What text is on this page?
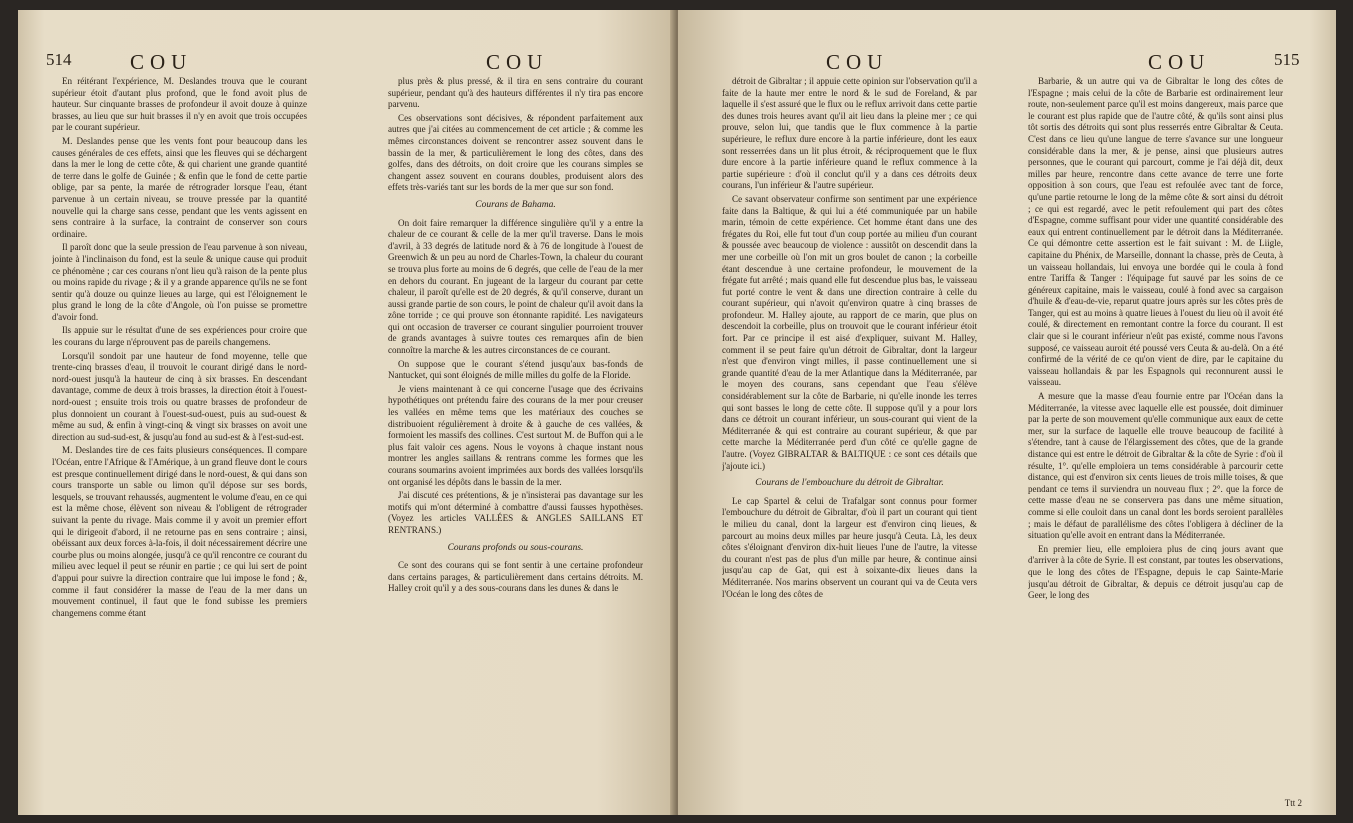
514	COU	COU

En réitérant l'expérience, M. Deslandes trouva que le courant supérieur étoit d'autant plus profond, que le fond avoit plus de hauteur. Sur cinquante brasses de profondeur il avoit douze à quinze brasses, au lieu que sur huit brasses il n'y en avoit que trois occupées par le courant supérieur.

M. Deslandes pense que les vents font pour beaucoup dans les causes générales de ces effets, ainsi que les fleuves qui se déchargent dans la mer le long de cette côte, & qui charient une grande quantité de terre dans le golfe de Guinée ; & enfin que le fond de cette partie oblige, par sa pente, la marée de rétrograder lorsque l'eau, étant parvenue à un certain niveau, se trouve pressée par la quantité nouvelle qui la charge sans cesse, pendant que les vents agissent en sens contraire à la surface, la contraint de conserver son cours ordinaire.

Il paroît donc que la seule pression de l'eau parvenue à son niveau, jointe à l'inclinaison du fond, est la seule & unique cause qui produit ce phénomène ; car ces courans n'ont lieu qu'à raison de la pente plus ou moins rapide du rivage ; & il y a grande apparence qu'ils ne se font sentir qu'à douze ou quinze lieues au large, qui est l'éloignement le plus grand le long de la côte d'Angole, où l'on puisse se promettre d'avoir fond.

Ils appuie sur le résultat d'une de ses expériences pour croire que les courans du large n'éprouvent pas de pareils changemens.

Lorsqu'il sondoit par une hauteur de fond moyenne, telle que trente-cinq brasses d'eau, il trouvoit le courant dirigé dans le nord-nord-ouest jusqu'à la hauteur de cinq à six brasses. En descendant davantage, comme de deux à trois brasses, la direction étoit à l'ouest-nord-ouest ; ensuite trois trois ou quatre brasses de profondeur de plus donnoient un courant à l'ouest-sud-ouest, puis au sud-ouest & même au sud, & enfin à vingt-cinq & vingt six brasses on avoit une direction au sud-sud-est, & jusqu'au fond au sud-est & à l'est-sud-est.

M. Deslandes tire de ces faits plusieurs conséquences. Il compare l'Océan, entre l'Afrique & l'Amérique, à un grand fleuve dont le cours est presque continuellement dirigé dans le nord-ouest, & qui dans son cours transporte un sable ou limon qu'il dépose sur ses bords, lesquels, se trouvant rehaussés, augmentent le volume d'eau, en ce qui est la même chose, élèvent son niveau & l'obligent de rétrograder suivant la pente du rivage. Mais comme il y avoit un premier effort qui le dirigeoit d'abord, il ne retourne pas en sens contraire ; ainsi, obéissant aux deux forces à-la-fois, il doit nécessairement décrire une courbe plus ou moins alongée, jusqu'à ce qu'il rencontre ce courant du milieu avec lequel il peut se réunir en partie ; ce qui lui sert de point d'appui pour suivre la direction contraire que lui impose le fond ; &, comme il faut considérer la masse de l'eau de la mer dans un mouvement continuel, il faut que le fond subisse les premiers changemens comme étant

plus près & plus pressé, & il tira en sens contraire du courant supérieur, pendant qu'à des hauteurs différentes il n'y tira pas encore parvenu.

Ces observations sont décisives, & répondent parfaitement aux autres que j'ai citées au commencement de cet article ; & comme les mêmes circonstances doivent se rencontrer assez souvent dans le bassin de la mer, & particulièrement le long des côtes, dans des golfes, dans des détroits, on doit croire que les courans simples se changent assez souvent en courans doubles, produisent alors des effets très-variés tant sur les bords de la mer que sur son fond.

Courans de Bahama.

On doit faire remarquer la différence singulière qu'il y a entre la chaleur de ce courant & celle de la mer qu'il traverse. Dans le mois d'avril, à 33 degrés de latitude nord & à 76 de longitude à l'ouest de Greenwich & un peu au nord de Charles-Town, la chaleur du courant se trouva plus forte au moins de 6 degrés, que celle de l'eau de la mer en dehors du courant. En jugeant de la largeur du courant par cette chaleur, il paroît qu'elle est de 20 degrés, & qu'il conserve, durant un aussi grande partie de son cours, le point de chaleur qu'il avoit dans la zône torride ; ce qui prouve son étonnante rapidité. Les navigateurs qui ont occasion de traverser ce courant singulier pourroient trouver de grands avantages à suivre toutes ces remarques afin de bien connoître la marche & les autres circonstances de ce courant.

On suppose que le courant s'étend jusqu'aux bas-fonds de Nantucket, qui sont éloignés de mille milles du golfe de la Floride.

Je viens maintenant à ce qui concerne l'usage que des écrivains hypothétiques ont prétendu faire des courans de la mer pour creuser les vallées en même tems que les matériaux des couches se distribuoient régulièrement à droite & à gauche de ces vallées, & formoient les massifs des collines. C'est surtout M. de Buffon qui a le plus fait valoir ces agens. Nous le voyons à chaque instant nous montrer les angles saillans & rentrans comme les formes que les courans soumarins avoient imprimées aux bords des vallées lorsqu'ils ont organisé les dépôts dans le bassin de la mer.

J'ai discuté ces prétentions, & je n'insisterai pas davantage sur les motifs qui m'ont déterminé à combattre d'aussi fausses hypothèses. (Voyez les articles VALLÉES & ANGLES SAILLANS ET RENTRANS.)

Courans profonds ou sous-courans.

Ce sont des courans qui se font sentir à une certaine profondeur dans certains parages, & particulièrement dans certains détroits. M. Halley croit qu'il y a des sous-courans dans les dunes & dans le

COU	COU	515

détroit de Gibraltar ; il appuie cette opinion sur l'observation qu'il a faite de la haute mer entre le nord & le sud de Foreland, & par laquelle il s'est assuré que le flux ou le reflux arrivoit dans cette partie des dunes trois heures avant qu'il ait lieu dans la pleine mer ; ce qui prouve, selon lui, que tandis que le flux commence à la partie supérieure, le reflux dure encore à la partie inférieure, dont les eaux sont resserrées dans un lit plus étroit, & réciproquement que le flux dure encore à la partie inférieure quand le reflux commence à la partie supérieure : d'où il conclut qu'il y a dans ces détroits deux courans, l'un inférieur & l'autre supérieur.

Ce savant observateur confirme son sentiment par une expérience faite dans la Baltique, & qui lui a été communiquée par un habile marin, témoin de cette expérience. Cet homme étant dans une des frégates du Roi, elle fut tout d'un coup portée au milieu d'un courant & poussée avec beaucoup de violence : aussitôt on descendit dans la mer une corbeille où l'on mit un gros boulet de canon ; la corbeille étant descendue à une certaine profondeur, le mouvement de la frégate fut arrêté ; mais quand elle fut descendue plus bas, le vaisseau fut porté contre le vent & dans une direction contraire à celle du courant supérieur, qui n'avoit qu'environ quatre à cinq brasses de profondeur. M. Halley ajoute, au rapport de ce marin, que plus on descendoit la corbeille, plus on trouvoit que le courant inférieur étoit fort. Par ce principe il est aisé d'expliquer, suivant M. Halley, comment il se peut faire qu'un détroit de Gibraltar, dont la largeur n'est que d'environ vingt milles, il passe continuellement une si grande quantité d'eau de la mer Atlantique dans la Méditerranée, par le moyen des courans, sans cependant que l'eau s'élève considérablement sur la côte de Barbarie, ni qu'elle inonde les terres qui sont basses le long de cette côte. Il suppose qu'il y a pour lors dans ce détroit un courant inférieur, un sous-courant qui vient de la Méditerranée & qui est contraire au courant supérieur, & que par cette marche la Méditerranée perd d'un côté ce qu'elle gagne de l'autre. (Voyez GIBRALTAR & BALTIQUE : ce sont ces détails que j'ajoute ici.)

Courans de l'embouchure du détroit de Gibraltar.

Le cap Spartel & celui de Trafalgar sont connus pour former l'embouchure du détroit de Gibraltar, d'où il part un courant qui tient le milieu du canal, dont la largeur est d'environ cinq lieues, & parcourt au moins deux milles par heure jusqu'à Ceuta. Là, les deux côtes s'éloignant d'environ dix-huit lieues l'une de l'autre, la vitesse du courant n'est pas de plus d'un mille par heure, & continue ainsi jusqu'au cap de Gat, qui est à soixante-dix lieues dans la Méditerranée. Nos marins observent un courant qui va de Ceuta vers l'Océan le long des côtes de

Barbarie, & un autre qui va de Gibraltar le long des côtes de l'Espagne ; mais celui de la côte de Barbarie est ordinairement leur route, non-seulement parce qu'il est moins dangereux, mais parce que le courant est plus rapide que de l'autre côté, & qu'ils sont ainsi plus tôt sortis des détroits qui sont plus resserrés entre Gibraltar & Ceuta. C'est dans ce lieu qu'une langue de terre s'avance sur une longueur considérable dans la mer, & je pense, ainsi que plusieurs autres personnes, que le courant qui parcourt, comme je l'ai déjà dit, deux milles par heure, rencontre dans cette avance de terre une forte opposition à son cours, que l'eau est refoulée avec tant de force, qu'une partie retourne le long de la même côte & sort ainsi du détroit ; ce qui est regardé, avec le petit refoulement qui part des côtes d'Espagne, comme suffisant pour vider une quantité considérable des eaux qui entrent continuellement par le détroit dans la Méditerranée. Ce qui démontre cette assertion est le fait suivant : M. de Liigle, capitaine du Phénix, de Marseille, donnant la chasse, près de Ceuta, à un vaisseau hollandais, lui envoya une bordée qui le coula à fond entre Tariffa & Tanger : l'équipage fut sauvé par les soins de ce généreux capitaine, mais le vaisseau, coulé à fond avec sa cargaison d'huile & d'eau-de-vie, reparut quatre jours après sur les côtes près de Tanger, qui est au moins à quatre lieues à l'ouest du lieu où il avoit été coulé, & directement en remontant contre la force du courant. Il est clair que si le courant inférieur n'eût pas existé, comme nous l'avons supposé, ce vaisseau auroit été poussé vers Ceuta & au-delà. On a été confirmé de la vérité de ce qu'on vient de dire, par le capitaine du vaisseau hollandais & par les Espagnols qui reconnurent aussi le vaisseau.

A mesure que la masse d'eau fournie entre par l'Océan dans la Méditerranée, la vitesse avec laquelle elle est poussée, doit diminuer par la perte de son mouvement qu'elle communique aux eaux de cette mer, sur la surface de laquelle elle trouve beaucoup de facilité à s'étendre, tant à cause de l'élargissement des côtes, que de la grande distance qui est entre le détroit de Gibraltar & la côte de Syrie : d'où il résulte, 1°. qu'elle emploiera un tems considérable à parcourir cette distance, qui est d'environ six cents lieues de trois mille toises, & que pendant ce tems il surviendra un nouveau flux ; 2°. que la force de cette masse d'eau ne se conservera pas dans une même situation, comme si elle couloit dans un canal dont les bords seroient parallèles ; mais le défaut de parallélisme des côtes l'obligera à décliner de la situation qu'elle avoit en entrant dans la Méditerranée.

En premier lieu, elle emploiera plus de cinq jours avant que d'arriver à la côte de Syrie. Il est constant, par toutes les observations, que le long des côtes de l'Espagne, depuis le cap Sainte-Marie jusqu'au détroit de Gibraltar, & depuis ce détroit jusqu'au cap de Geer, le long des

Ttt 2
